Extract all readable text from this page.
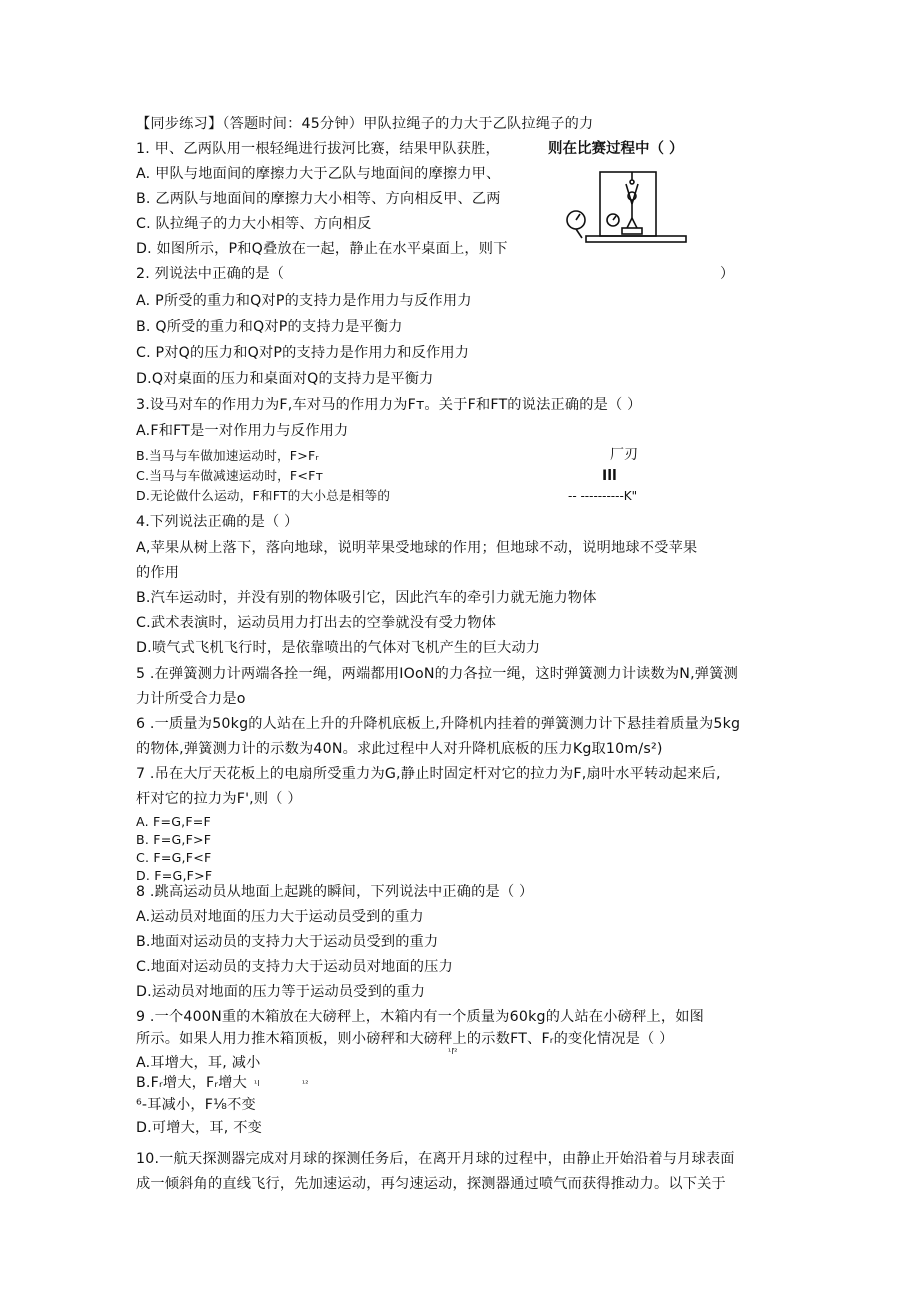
【同步练习】（答题时间：45分钟）甲队拉绳子的力大于乙队拉绳子的力
1. 甲、乙两队用一根轻绳进行拔河比赛，结果甲队获胜，	则在比赛过程中（ ）
A. 甲队与地面间的摩擦力大于乙队与地面间的摩擦力甲、
B. 乙两队与地面间的摩擦力大小相等、方向相反甲、乙两
C. 队拉绳子的力大小相等、方向相反
D. 如图所示，P和Q叠放在一起，静止在水平桌面上，则下
2. 列说法中正确的是（	）
A. P所受的重力和Q对P的支持力是作用力与反作用力
B. Q所受的重力和Q对P的支持力是平衡力
C. P对Q的压力和Q对P的支持力是作用力和反作用力
D.Q对桌面的压力和桌面对Q的支持力是平衡力
3.设马对车的作用力为F,车对马的作用力为Fт。关于F和FT的说法正确的是（ ）
A.F和FT是一对作用力与反作用力
B.当马与车做加速运动时，F>Fᵣ
C.当马与车做减速运动时，F<Fт
D.无论做什么运动，F和FT的大小总是相等的
厂刃
Ill
-- ----------K"
4.下列说法正确的是（ ）
A,苹果从树上落下，落向地球，说明苹果受地球的作用；但地球不动，说明地球不受苹果
的作用
B.汽车运动时，并没有别的物体吸引它，因此汽车的牵引力就无施力物体
C.武术表演时，运动员用力打出去的空拳就没有受力物体
D.喷气式飞机飞行时，是依靠喷出的气体对飞机产生的巨大动力
5 .在弹簧测力计两端各拴一绳，两端都用IOoN的力各拉一绳，这时弹簧测力计读数为N,弹簧测
力计所受合力是o
6 .一质量为50kg的人站在上升的升降机底板上,升降机内挂着的弹簧测力计下悬挂着质量为5kg
的物体,弹簧测力计的示数为40N。求此过程中人对升降机底板的压力Kg取10m∕s²)
7 .吊在大厅天花板上的电扇所受重力为G,静止时固定杆对它的拉力为F,扇叶水平转动起来后,
杆对它的拉力为F',则（ ）
A. F=G,F=F
B. F=G,F>F
C. F=G,F<F
D. F=G,F>F
8 .跳高运动员从地面上起跳的瞬间，下列说法中正确的是（ ）
A.运动员对地面的压力大于运动员受到的重力
B.地面对运动员的支持力大于运动员受到的重力
C.地面对运动员的支持力大于运动员对地面的压力
D.运动员对地面的压力等于运动员受到的重力
9 .一个400N重的木箱放在大磅秤上，木箱内有一个质量为60kg的人站在小磅秤上，如图
所示。如果人用力推木箱顶板，则小磅秤和大磅秤上的示数FT、Fᵣ的变化情况是（ ）
¹ľ²
A.耳增大，耳, 减小
B.Fᵣ增大，Fᵣ增大 ¹l	¹²
⁶-耳减小，F⅛不变
D.可增大，耳, 不变
10.一航天探测器完成对月球的探测任务后，在离开月球的过程中，由静止开始沿着与月球表面
成一倾斜角的直线飞行，先加速运动，再匀速运动，探测器通过喷气而获得推动力。以下关于
